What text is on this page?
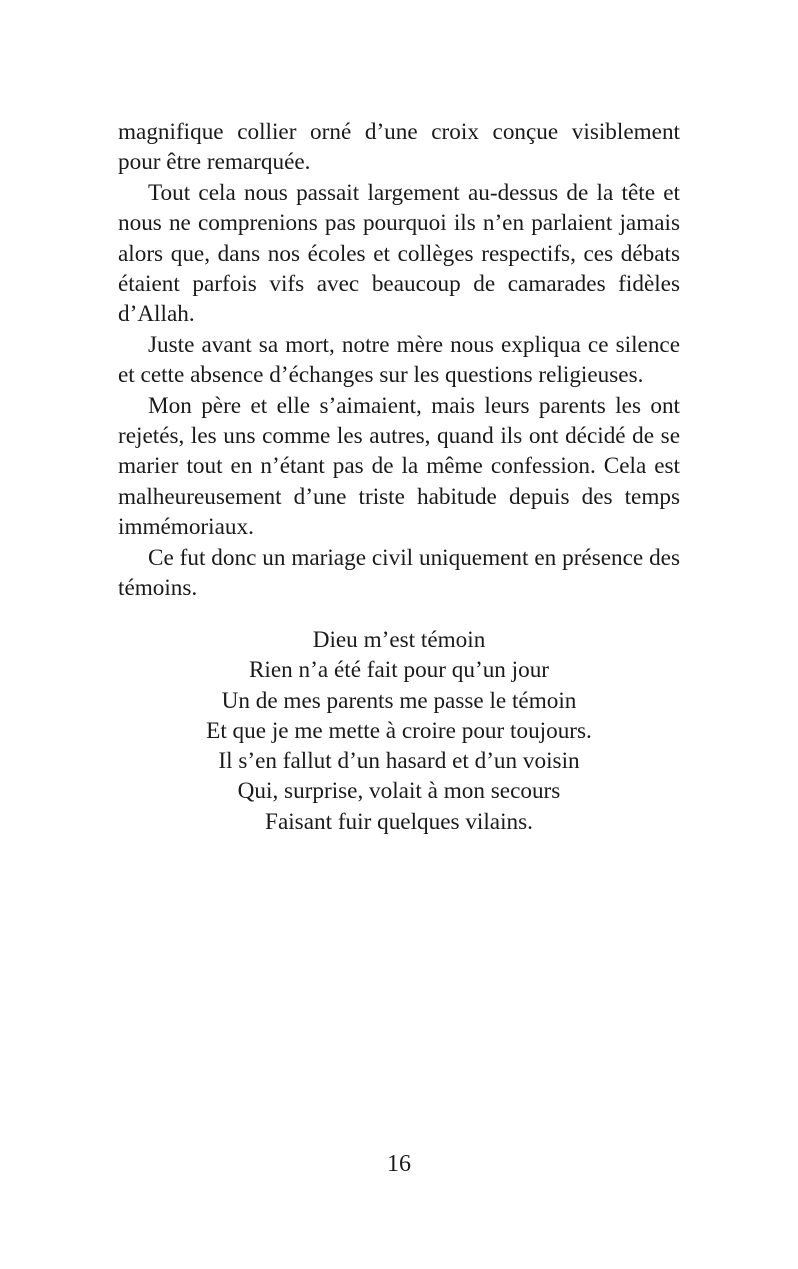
magnifique collier orné d’une croix conçue visiblement pour être remarquée.

Tout cela nous passait largement au-dessus de la tête et nous ne comprenions pas pourquoi ils n’en parlaient jamais alors que, dans nos écoles et collèges respectifs, ces débats étaient parfois vifs avec beaucoup de camarades fidèles d’Allah.

Juste avant sa mort, notre mère nous expliqua ce silence et cette absence d’échanges sur les questions religieuses.

Mon père et elle s’aimaient, mais leurs parents les ont rejetés, les uns comme les autres, quand ils ont décidé de se marier tout en n’étant pas de la même confession. Cela est malheureusement d’une triste habitude depuis des temps immémoriaux.

Ce fut donc un mariage civil uniquement en présence des témoins.

Dieu m’est témoin
Rien n’a été fait pour qu’un jour
Un de mes parents me passe le témoin
Et que je me mette à croire pour toujours.
Il s’en fallut d’un hasard et d’un voisin
Qui, surprise, volait à mon secours
Faisant fuir quelques vilains.
16
